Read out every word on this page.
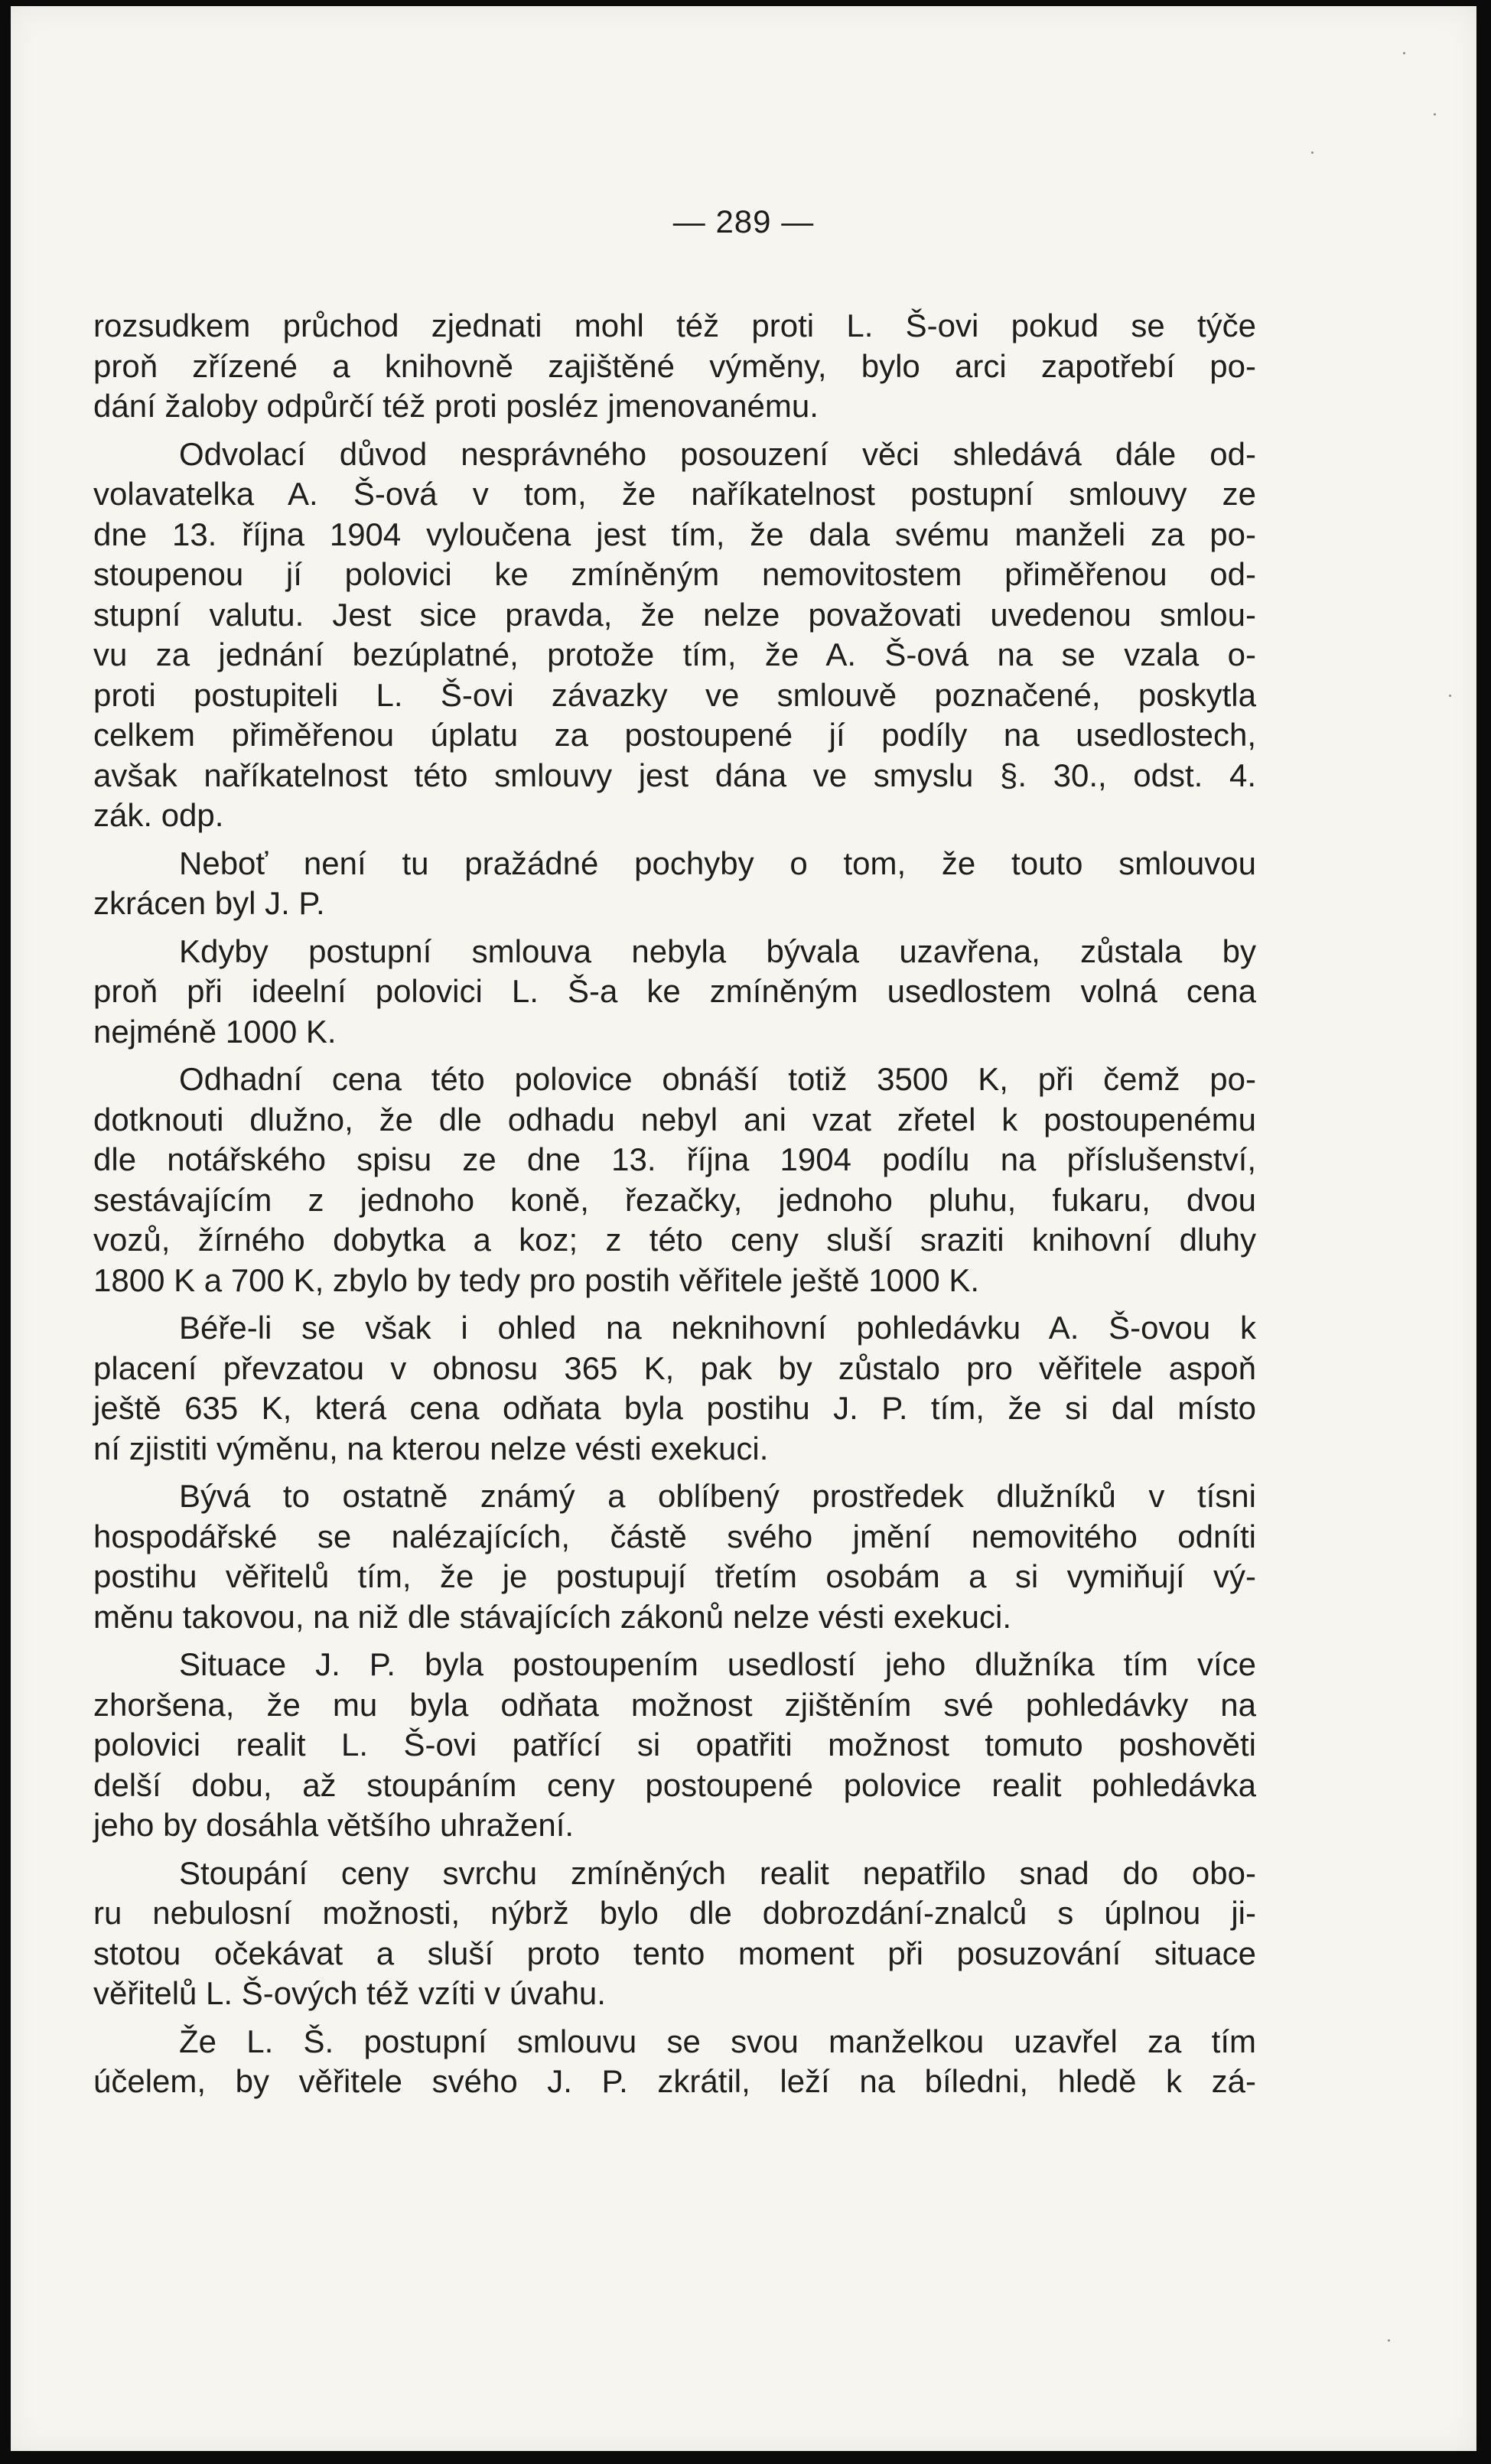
— 289 —

rozsudkem průchod zjednati mohl též proti L. Š-ovi pokud se týče
proň zřízené a knihovně zajištěné výměny, bylo arci zapotřebí po-
dání žaloby odpůrčí též proti posléz jmenovanému.

Odvolací důvod nesprávného posouzení věci shledává dále od-
volavatelka A. Š-ová v tom, že naříkatelnost postupní smlouvy ze
dne 13. října 1904 vyloučena jest tím, že dala svému manželi za po-
stoupenou jí polovici ke zmíněným nemovitostem přiměřenou od-
stupní valutu. Jest sice pravda, že nelze považovati uvedenou smlou-
vu za jednání bezúplatné, protože tím, že A. Š-ová na se vzala o-
proti postupiteli L. Š-ovi závazky ve smlouvě poznačené, poskytla
celkem přiměřenou úplatu za postoupené jí podíly na usedlostech,
avšak naříkatelnost této smlouvy jest dána ve smyslu §. 30., odst. 4.
zák. odp.

Neboť není tu pražádné pochyby o tom, že touto smlouvou
zkrácen byl J. P.

Kdyby postupní smlouva nebyla bývala uzavřena, zůstala by
proň při ideelní polovici L. Š-a ke zmíněným usedlostem volná cena
nejméně 1000 K.

Odhadní cena této polovice obnáší totiž 3500 K, při čemž po-
dotknouti dlužno, že dle odhadu nebyl ani vzat zřetel k postoupenému
dle notářského spisu ze dne 13. října 1904 podílu na příslušenství,
sestávajícím z jednoho koně, řezačky, jednoho pluhu, fukaru, dvou
vozů, žírného dobytka a koz; z této ceny sluší sraziti knihovní dluhy
1800 K a 700 K, zbylo by tedy pro postih věřitele ještě 1000 K.

Béře-li se však i ohled na neknihovní pohledávku A. Š-ovou k
placení převzatou v obnosu 365 K, pak by zůstalo pro věřitele aspoň
ještě 635 K, která cena odňata byla postihu J. P. tím, že si dal místo
ní zjistiti výměnu, na kterou nelze vésti exekuci.

Bývá to ostatně známý a oblíbený prostředek dlužníků v tísni
hospodářské se nalézajících, částě svého jmění nemovitého odníti
postihu věřitelů tím, že je postupují třetím osobám a si vymiňují vý-
měnu takovou, na niž dle stávajících zákonů nelze vésti exekuci.

Situace J. P. byla postoupením usedlostí jeho dlužníka tím více
zhoršena, že mu byla odňata možnost zjištěním své pohledávky na
polovici realit L. Š-ovi patřící si opatřiti možnost tomuto poshověti
delší dobu, až stoupáním ceny postoupené polovice realit pohledávka
jeho by dosáhla většího uhražení.

Stoupání ceny svrchu zmíněných realit nepatřilo snad do obo-
ru nebulosní možnosti, nýbrž bylo dle dobrozdání-znalců s úplnou ji-
stotou očekávat a sluší proto tento moment při posuzování situace
věřitelů L. Š-ových též vzíti v úvahu.

Že L. Š. postupní smlouvu se svou manželkou uzavřel za tím
účelem, by věřitele svého J. P. zkrátil, leží na bíledni, hledě k zá-
